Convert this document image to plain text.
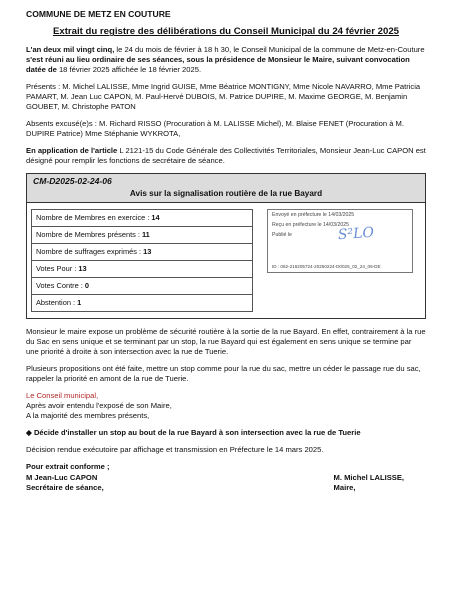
COMMUNE DE METZ EN COUTURE
Extrait du registre des délibérations du Conseil Municipal du 24 février 2025

L'an deux mil vingt cinq, le 24 du mois de février à 18 h 30, le Conseil Municipal de la commune de Metz-en-Couture s'est réuni au lieu ordinaire de ses séances, sous la présidence de Monsieur le Maire, suivant convocation datée de 18 février 2025 affichée le 18 février 2025.

Présents : M. Michel LALISSE, Mme Ingrid GUISE, Mme Béatrice MONTIGNY, Mme Nicole NAVARRO, Mme Patricia PAMART, M. Jean Luc CAPON, M. Paul-Hervé DUBOIS, M. Patrice DUPIRE, M. Maxime GEORGE, M. Benjamin GOUBET, M. Christophe PATON

Absents excusé(e)s : M. Richard RISSO (Procuration à M. LALISSE Michel), M. Blaise FENET (Procuration à M. DUPIRE Patrice) Mme Stéphanie WYKROTA,

En application de l'article L 2121-15 du Code Générale des Collectivités Territoriales, Monsieur Jean-Luc CAPON est désigné pour remplir les fonctions de secrétaire de séance.

CM-D2025-02-24-06
Avis sur la signalisation routière de la rue Bayard
Nombre de Membres en exercice : 14
Nombre de Membres présents : 11
Nombre de suffrages exprimés : 13
Votes Pour : 13
Votes Contre : 0
Abstention : 1
Envoyé en préfecture le 14/03/2025
Reçu en préfecture le 14/03/2025
Publié le	S²LO
ID : 062-216205724-20250224-D0025_02_24_06-DE

Monsieur le maire expose un problème de sécurité routière à la sortie de la rue Bayard. En effet, contrairement à la rue du Sac en sens unique et se terminant par un stop, la rue Bayard qui est également en sens unique se termine par une priorité à droite à son intersection avec la rue de Tuerie.

Plusieurs propositions ont été faite, mettre un stop comme pour la rue du sac, mettre un céder le passage rue du sac, rappeler la priorité en amont de la rue de Tuerie.

Le Conseil municipal,
Après avoir entendu l'exposé de son Maire,
A la majorité des membres présents,

◆ Décide d'installer un stop au bout de la rue Bayard à son intersection avec la rue de Tuerie

Décision rendue exécutoire par affichage et transmission en Préfecture le 14 mars 2025.

Pour extrait conforme ;
M Jean-Luc CAPON
Secrétaire de séance,
M. Michel LALISSE,
Maire,
